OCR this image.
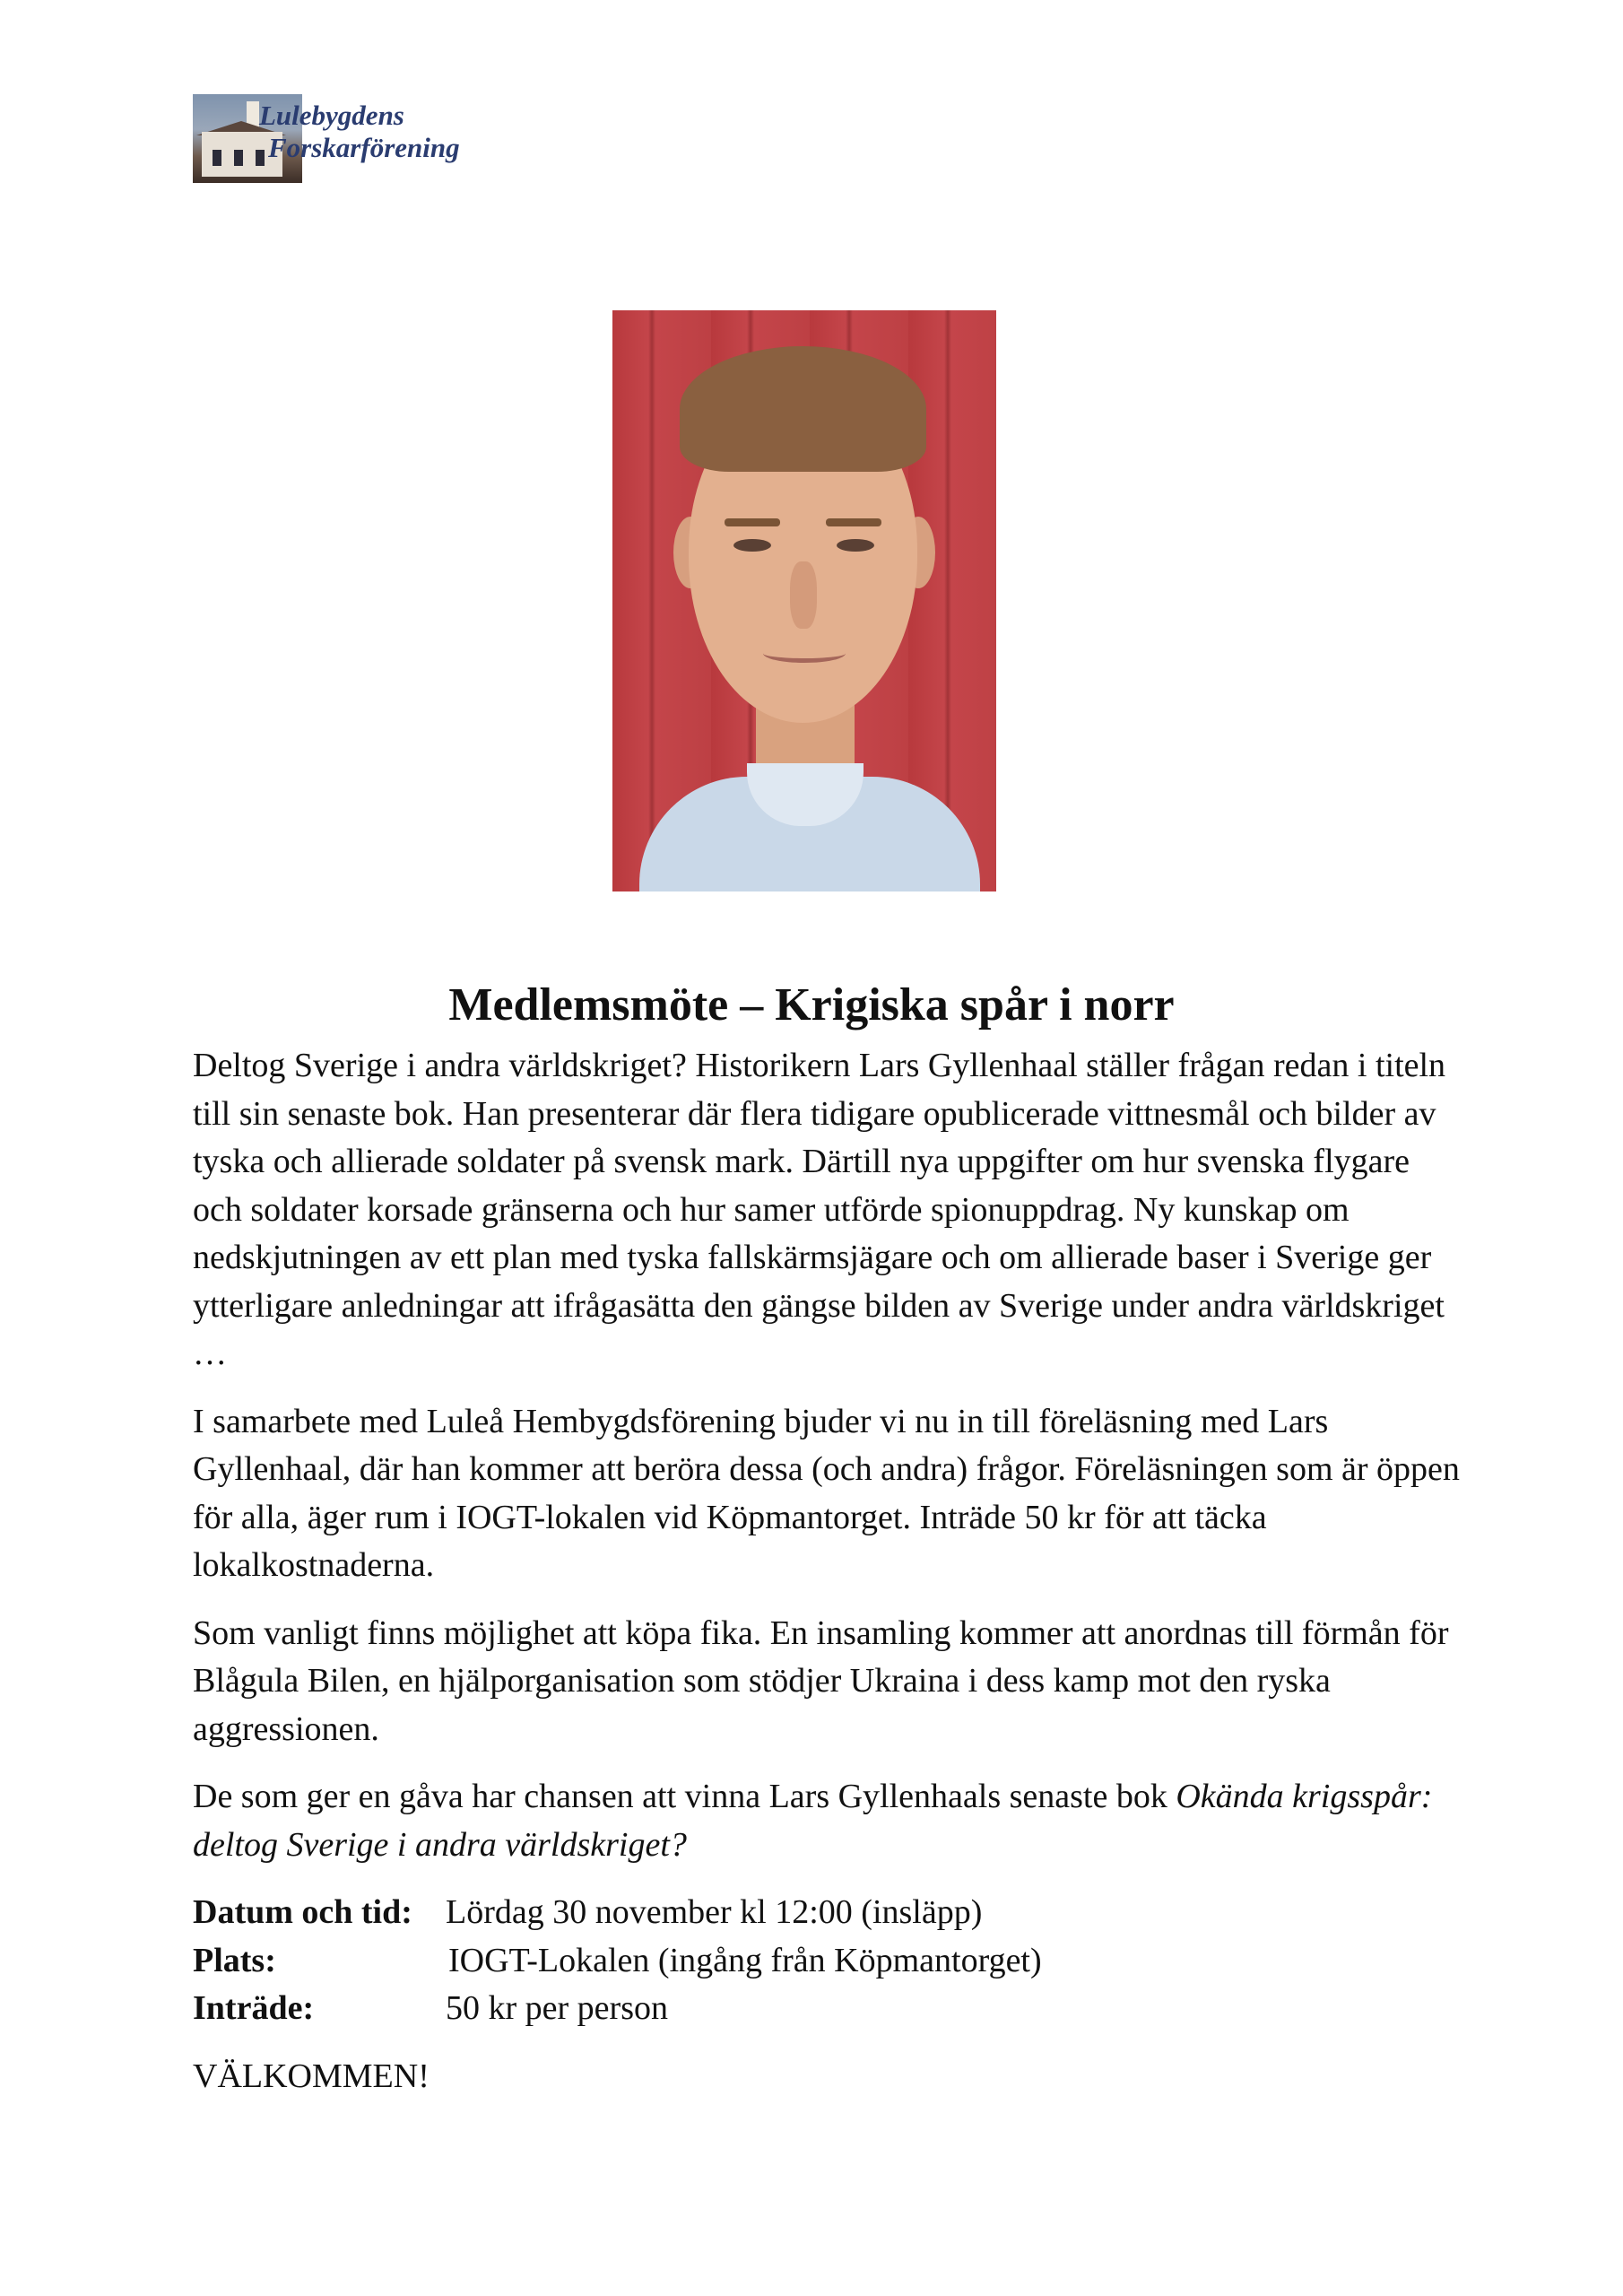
Lulebygdens
Forskarförening
Medlemsmöte – Krigiska spår i norr

Deltog Sverige i andra världskriget? Historikern Lars Gyllenhaal ställer frågan redan i titeln till sin senaste bok. Han presenterar där flera tidigare opublicerade vittnesmål och bilder av tyska och allierade soldater på svensk mark. Därtill nya uppgifter om hur svenska flygare och soldater korsade gränserna och hur samer utförde spionuppdrag. Ny kunskap om nedskjutningen av ett plan med tyska fallskärmsjägare och om allierade baser i Sverige ger ytterligare anledningar att ifrågasätta den gängse bilden av Sverige under andra världskriget …

I samarbete med Luleå Hembygdsförening bjuder vi nu in till föreläsning med Lars Gyllenhaal, där han kommer att beröra dessa (och andra) frågor. Föreläsningen som är öppen för alla, äger rum i IOGT-lokalen vid Köpmantorget. Inträde 50 kr för att täcka lokalkostnaderna.

Som vanligt finns möjlighet att köpa fika. En insamling kommer att anordnas till förmån för Blågula Bilen, en hjälporganisation som stödjer Ukraina i dess kamp mot den ryska aggressionen.

De som ger en gåva har chansen att vinna Lars Gyllenhaals senaste bok Okända krigsspår: deltog Sverige i andra världskriget?

Datum och tid: Lördag 30 november kl 12:00 (insläpp)
Plats:	IOGT-Lokalen (ingång från Köpmantorget)
Inträde:	50 kr per person
VÄLKOMMEN!
